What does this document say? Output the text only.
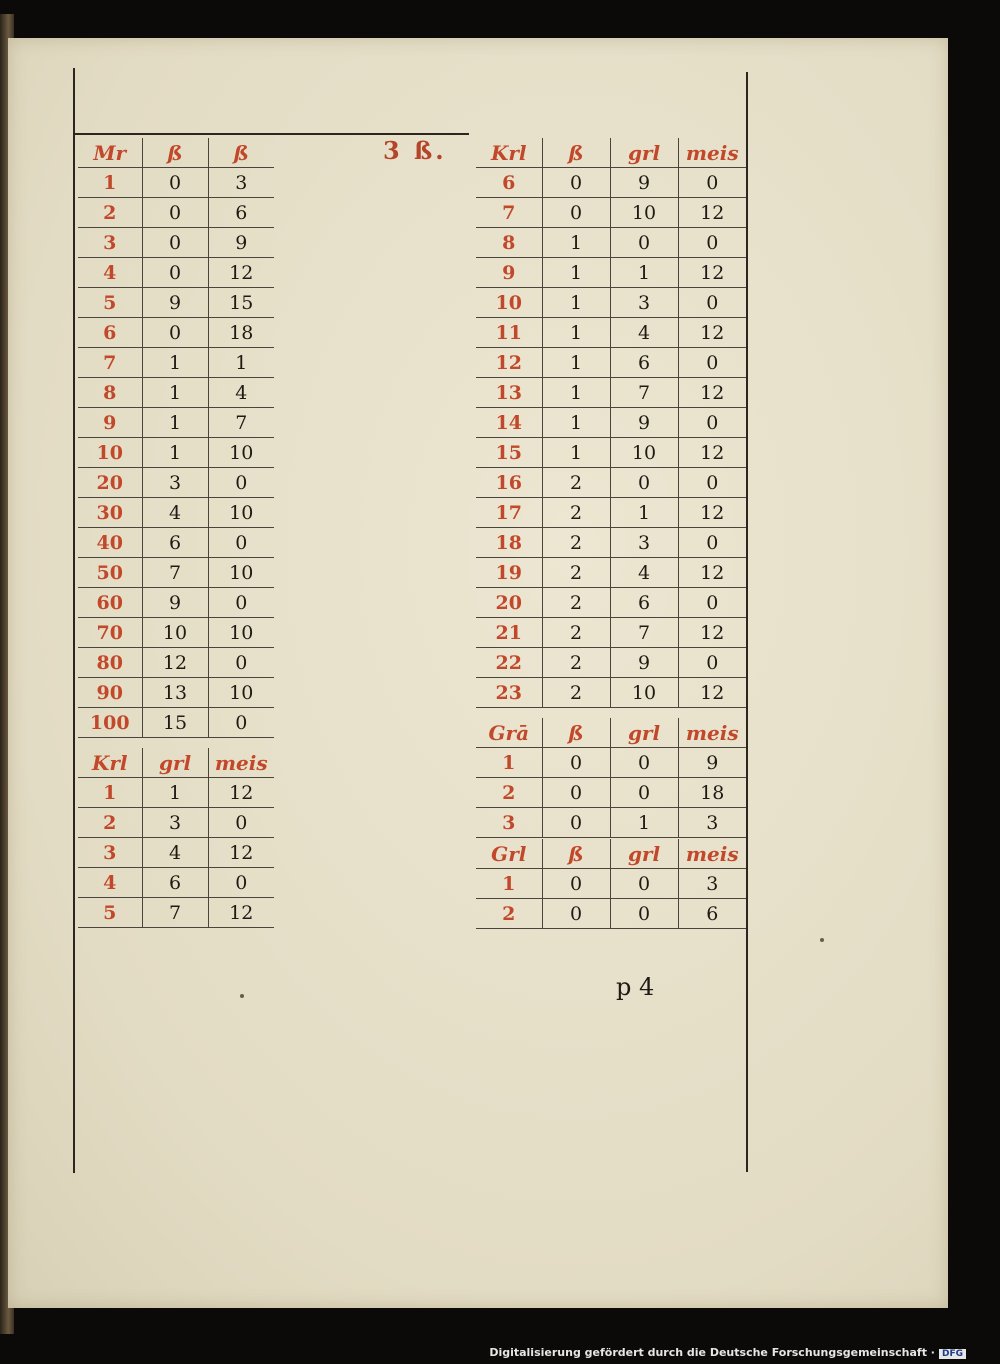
3 ß.
Mr	ß	ß
1	0	3
2	0	6
3	0	9
4	0	12
5	9	15
6	0	18
7	1	1
8	1	4
9	1	7
10	1	10
20	3	0
30	4	10
40	6	0
50	7	10
60	9	0
70	10	10
80	12	0
90	13	10
100	15	0
Krl	grl	meis
1	1	12
2	3	0
3	4	12
4	6	0
5	7	12
Krl	ß	grl	meis
6	0	9	0
7	0	10	12
8	1	0	0
9	1	1	12
10	1	3	0
11	1	4	12
12	1	6	0
13	1	7	12
14	1	9	0
15	1	10	12
16	2	0	0
17	2	1	12
18	2	3	0
19	2	4	12
20	2	6	0
21	2	7	12
22	2	9	0
23	2	10	12
Grā	ß	grl	meis
1	0	0	9
2	0	0	18
3	0	1	3
Grl	ß	grl	meis
1	0	0	3
2	0	0	6
p 4
Digitalisierung gefördert durch die Deutsche Forschungsgemeinschaft · DFG
